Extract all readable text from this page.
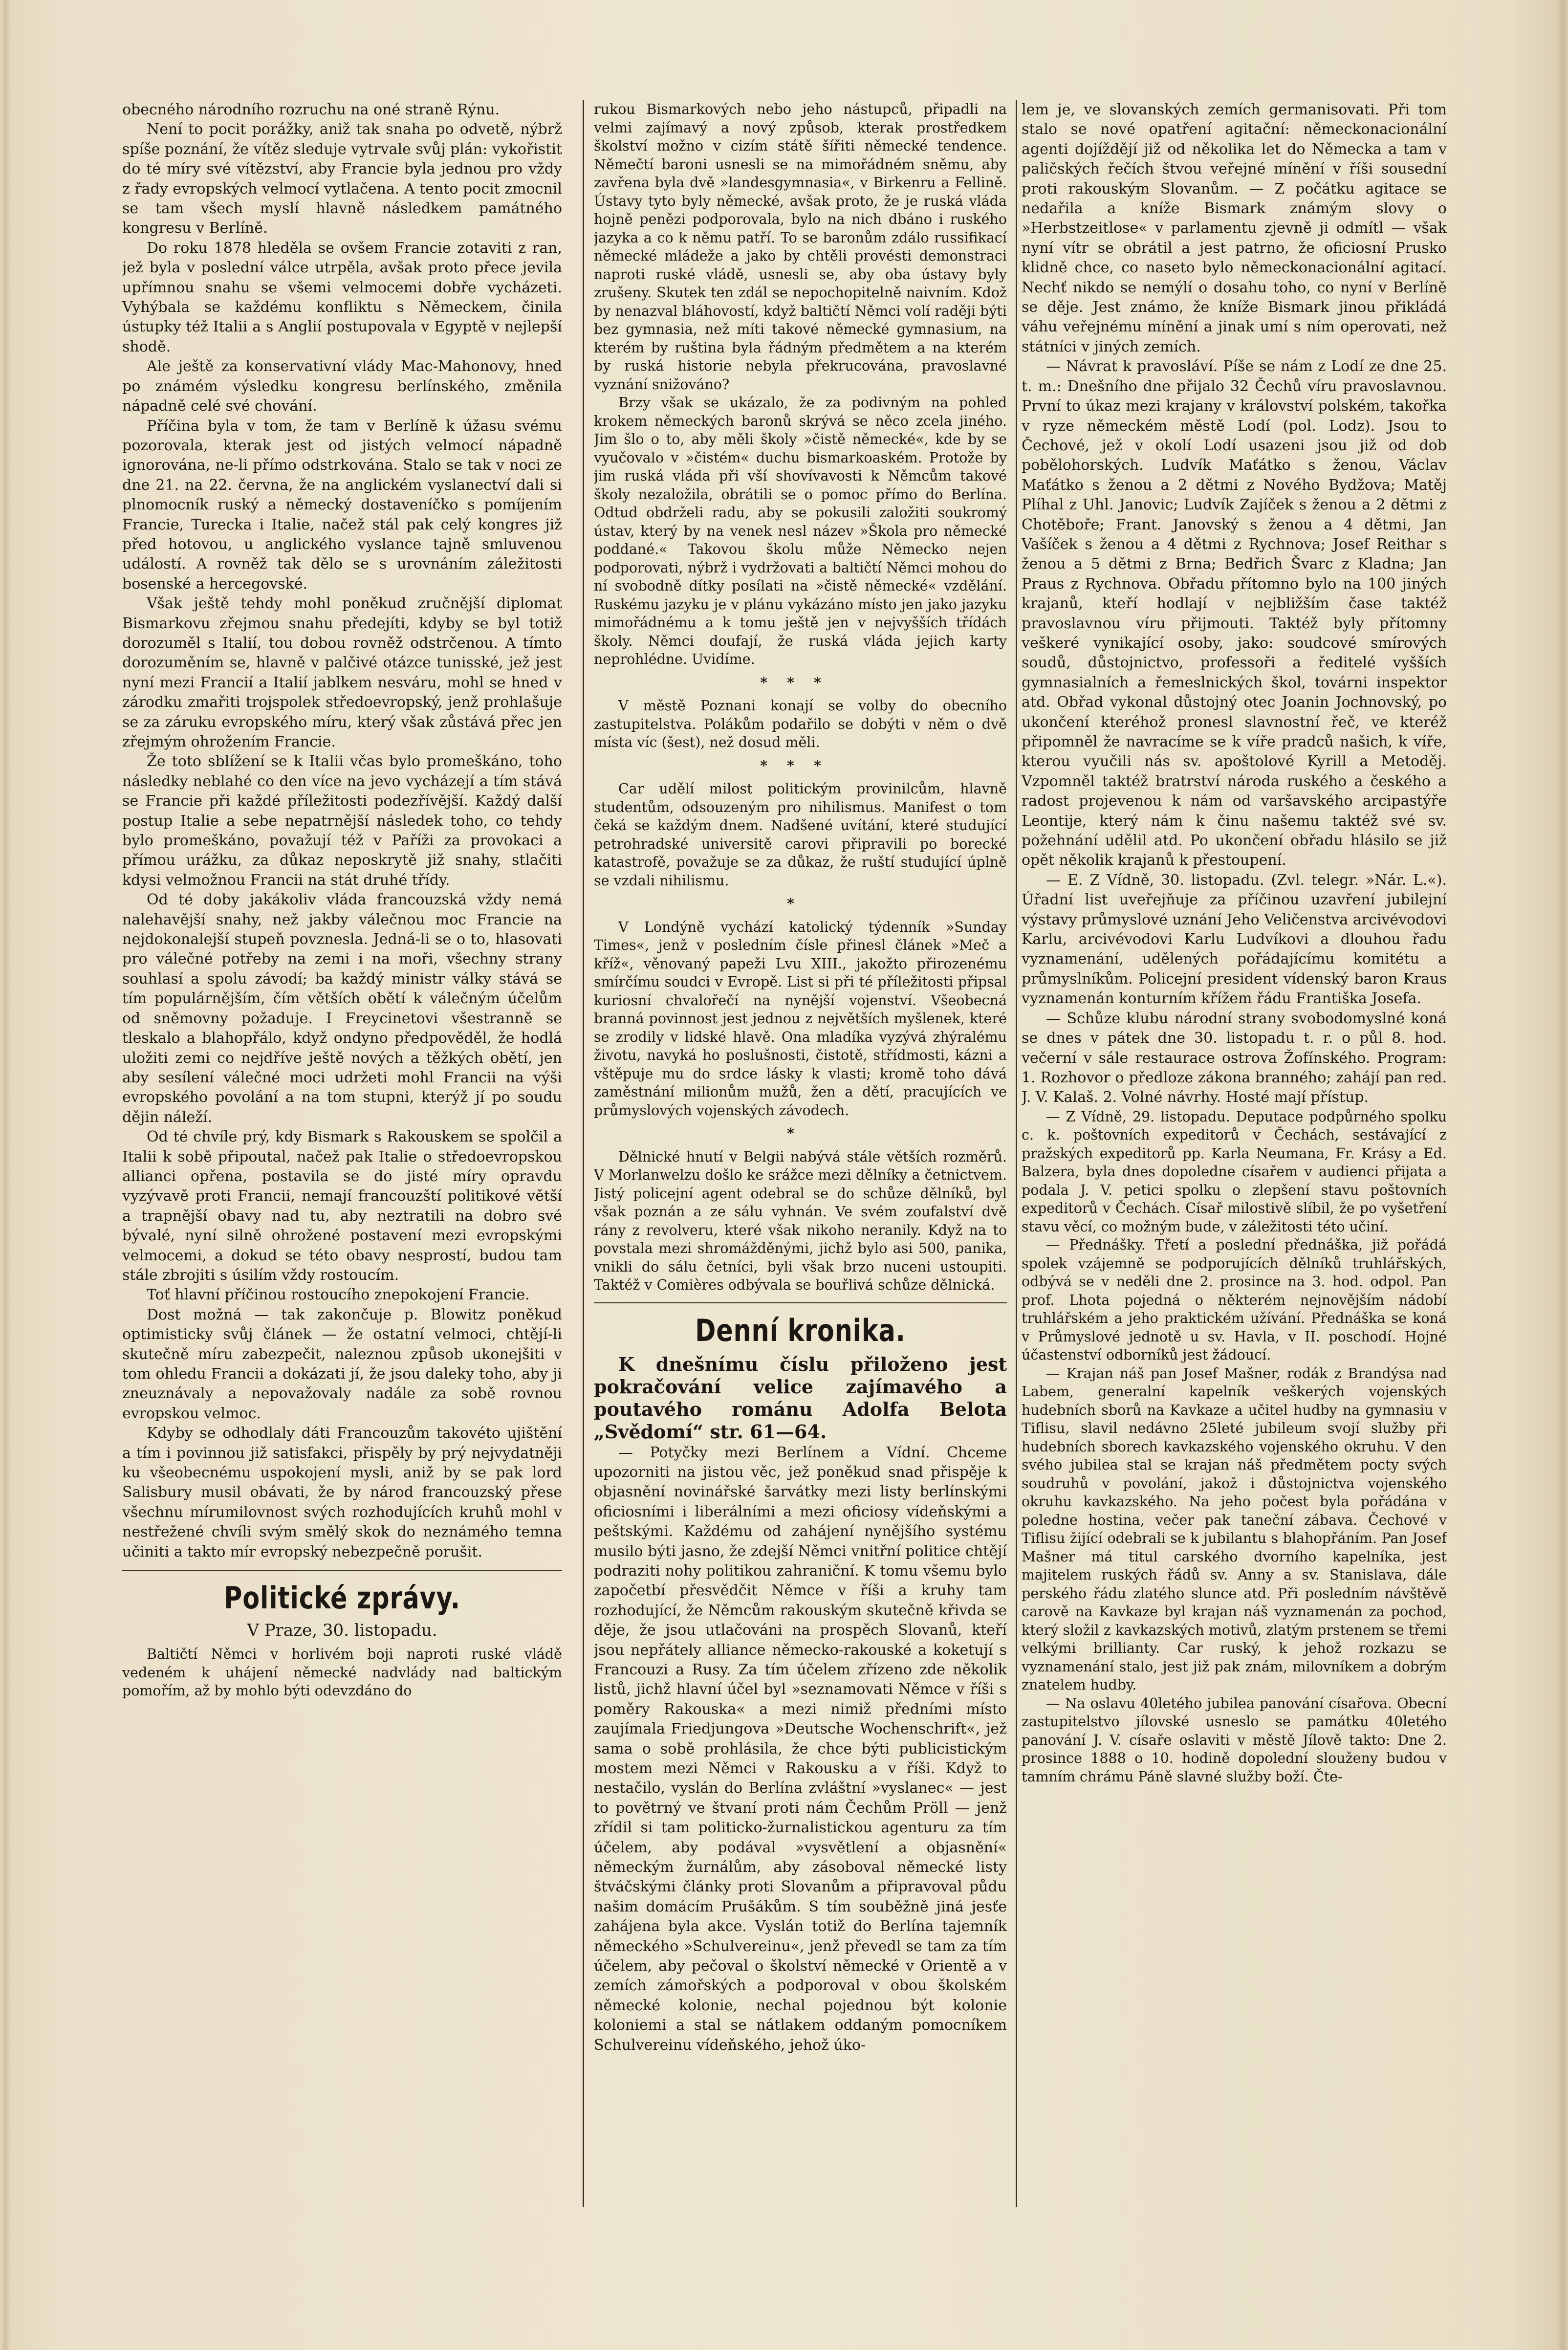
obecného národního rozruchu na oné straně Rýnu.

Není to pocit porážky, aniž tak snaha po odvetě, nýbrž spíše poznání, že vítěz sleduje vytrvale svůj plán: vykořistit do té míry své vítězství, aby Francie byla jednou pro vždy z řady evropských velmocí vytlačena. A tento pocit zmocnil se tam všech myslí hlavně následkem památného kongresu v Berlíně.

Do roku 1878 hleděla se ovšem Francie zotaviti z ran, jež byla v poslední válce utrpěla, avšak proto přece jevila upřímnou snahu se všemi velmocemi dobře vycházeti. Vyhýbala se každému konfliktu s Německem, činila ústupky též Italii a s Anglií postupovala v Egyptě v nejlepší shodě.

Ale ještě za konservativní vlády Mac-Mahonovy, hned po známém výsledku kongresu berlínského, změnila nápadně celé své chování.

Příčina byla v tom, že tam v Berlíně k úžasu svému pozorovala, kterak jest od jistých velmocí nápadně ignorována, ne-li přímo odstrkována. Stalo se tak v noci ze dne 21. na 22. června, že na anglickém vyslanectví dali si plnomocník ruský a německý dostaveníčko s pomíjením Francie, Turecka i Italie, načež stál pak celý kongres již před hotovou, u anglického vyslance tajně smluvenou událostí. A rovněž tak dělo se s urovnáním záležitosti bosenské a hercegovské.

Však ještě tehdy mohl poněkud zručnější diplomat Bismarkovu zřejmou snahu předejíti, kdyby se byl totiž dorozuměl s Italií, tou dobou rovněž odstrčenou. A tímto dorozuměním se, hlavně v palčivé otázce tunisské, jež jest nyní mezi Francií a Italií jablkem nesváru, mohl se hned v zárodku zmařiti trojspolek středoevropský, jenž prohlašuje se za záruku evropského míru, který však zůstává přec jen zřejmým ohrožením Francie.

Že toto sblížení se k Italii včas bylo promeškáno, toho následky neblahé co den více na jevo vycházejí a tím stává se Francie při každé příležitosti podezřívější. Každý další postup Italie a sebe nepatrnější následek toho, co tehdy bylo promeškáno, považují též v Paříži za provokaci a přímou urážku, za důkaz neposkrytě již snahy, stlačiti kdysi velmožnou Francii na stát druhé třídy.

Od té doby jakákoliv vláda francouzská vždy nemá nalehavější snahy, než jakby válečnou moc Francie na nejdokonalejší stupeň povznesla. Jedná-li se o to, hlasovati pro válečné potřeby na zemi i na moři, všechny strany souhlasí a spolu závodí; ba každý ministr války stává se tím populárnějším, čím větších obětí k válečným účelům od sněmovny požaduje. I Freycinetovi všestranně se tleskalo a blahopřálo, když ondyno předpověděl, že hodlá uložiti zemi co nejdříve ještě nových a těžkých obětí, jen aby sesílení válečné moci udržeti mohl Francii na výši evropského povolání a na tom stupni, kterýž jí po soudu dějin náleží.

Od té chvíle prý, kdy Bismark s Rakouskem se spolčil a Italii k sobě připoutal, načež pak Italie o středoevropskou allianci opřena, postavila se do jisté míry opravdu vyzývavě proti Francii, nemají francouzští politikové větší a trapnější obavy nad tu, aby neztratili na dobro své bývalé, nyní silně ohrožené postavení mezi evropskými velmocemi, a dokud se této obavy nesprostí, budou tam stále zbrojiti s úsilím vždy rostoucím.

Toť hlavní příčinou rostoucího znepokojení Francie.

Dost možná — tak zakončuje p. Blowitz poněkud optimisticky svůj článek — že ostatní velmoci, chtějí-li skutečně míru zabezpečit, naleznou způsob ukonejšiti v tom ohledu Francii a dokázati jí, že jsou daleky toho, aby ji zneuznávaly a nepovažovaly nadále za sobě rovnou evropskou velmoc.

Kdyby se odhodlaly dáti Francouzům takovéto ujištění a tím i povinnou již satisfakci, přispěly by prý nejvydatněji ku všeobecnému uspokojení mysli, aniž by se pak lord Salisbury musil obávati, že by národ francouzský přese všechnu mírumilovnost svých rozhodujících kruhů mohl v nestřežené chvíli svým smělý skok do neznámého temna učiniti a takto mír evropský nebezpečně porušit.

Politické zprávy.
V Praze, 30. listopadu.

Baltičtí Němci v horlivém boji naproti ruské vládě vedeném k uhájení německé nadvlády nad baltickým pomořím, až by mohlo býti odevzdáno do

rukou Bismarkových nebo jeho nástupců, připadli na velmi zajímavý a nový způsob, kterak prostředkem školství možno v cizím státě šířiti německé tendence. Němečtí baroni usnesli se na mimořádném sněmu, aby zavřena byla dvě »landesgymnasia«, v Birkenru a Fellině. Ústavy tyto byly německé, avšak proto, že je ruská vláda hojně penězi podporovala, bylo na nich dbáno i ruského jazyka a co k němu patří. To se baronům zdálo russifikací německé mládeže a jako by chtěli provésti demonstraci naproti ruské vládě, usnesli se, aby oba ústavy byly zrušeny. Skutek ten zdál se nepochopitelně naivním. Kdož by nenazval bláhovostí, když baltičtí Němci volí raději býti bez gymnasia, než míti takové německé gymnasium, na kterém by ruština byla řádným předmětem a na kterém by ruská historie nebyla překrucována, pravoslavné vyznání snižováno?

Brzy však se ukázalo, že za podivným na pohled krokem německých baronů skrývá se něco zcela jiného. Jim šlo o to, aby měli školy »čistě německé«, kde by se vyučovalo v »čistém« duchu bismarkoaském. Protože by jim ruská vláda při vší shovívavosti k Němcům takové školy nezaložila, obrátili se o pomoc přímo do Berlína. Odtud obdrželi radu, aby se pokusili založiti soukromý ústav, který by na venek nesl název »Škola pro německé poddané.« Takovou školu může Německo nejen podporovati, nýbrž i vydržovati a baltičtí Němci mohou do ní svobodně dítky posílati na »čistě německé« vzdělání. Ruskému jazyku je v plánu vykázáno místo jen jako jazyku mimořádnému a k tomu ještě jen v nejvyšších třídách školy. Němci doufají, že ruská vláda jejich karty neprohlédne. Uvidíme.

***

V městě Poznani konají se volby do obecního zastupitelstva. Polákům podařilo se dobýti v něm o dvě místa víc (šest), než dosud měli.

***

Car udělí milost politickým provinilcům, hlavně studentům, odsouzeným pro nihilismus. Manifest o tom čeká se každým dnem. Nadšené uvítání, které studující petrohradské universitě carovi připravili po borecké katastrofě, považuje se za důkaz, že ruští studující úplně se vzdali nihilismu.

*

V Londýně vychází katolický týdenník »Sunday Times«, jenž v posledním čísle přinesl článek »Meč a kříž«, věnovaný papeži Lvu XIII., jakožto přirozenému smírčímu soudci v Evropě. List si při té příležitosti připsal kuriosní chvalořečí na nynější vojenství. Všeobecná branná povinnost jest jednou z největších myšlenek, které se zrodily v lidské hlavě. Ona mladíka vyzývá zhýralému životu, navyká ho poslušnosti, čistotě, střídmosti, kázni a vštěpuje mu do srdce lásky k vlasti; kromě toho dává zaměstnání milionům mužů, žen a dětí, pracujících ve průmyslových vojenských závodech.

*

Dělnické hnutí v Belgii nabývá stále větších rozměrů. V Morlanwelzu došlo ke srážce mezi dělníky a četnictvem. Jistý policejní agent odebral se do schůze dělníků, byl však poznán a ze sálu vyhnán. Ve svém zoufalství dvě rány z revolveru, které však nikoho neranily. Když na to povstala mezi shromážděnými, jichž bylo asi 500, panika, vnikli do sálu četníci, byli však brzo nuceni ustoupiti. Taktéž v Comières odbývala se bouřlivá schůze dělnická.

Denní kronika.

K dnešnímu číslu přiloženo jest pokračování velice zajímavého a poutavého románu Adolfa Belota „Svědomí“ str. 61—64.

— Potyčky mezi Berlínem a Vídní. Chceme upozorniti na jistou věc, jež poněkud snad přispěje k objasnění novinářské šarvátky mezi listy berlínskými oficiosními i liberálními a mezi oficiosy vídeňskými a peštskými. Každému od zahájení nynějšího systému musilo býti jasno, že zdejší Němci vnitřní politice chtějí podraziti nohy politikou zahraniční. K tomu všemu bylo započetbí přesvědčit Němce v říši a kruhy tam rozhodující, že Němcům rakouským skutečně křivda se děje, že jsou utlačováni na prospěch Slovanů, kteří jsou nepřátely alliance německo-rakouské a koketují s Francouzi a Rusy. Za tím účelem zřízeno zde několik listů, jichž hlavní účel byl »seznamovati Němce v říši s poměry Rakouska« a mezi nimiž předními místo zaujímala Friedjungova »Deutsche Wochenschrift«, jež sama o sobě prohlásila, že chce býti publicistickým mostem mezi Němci v Rakousku a v říši. Když to nestačilo, vyslán do Berlína zvláštní »vyslanec« — jest to povětrný ve štvaní proti nám Čechům Pröll — jenž zřídil si tam politicko-žurnalistickou agenturu za tím účelem, aby podával »vysvětlení a objasnění« německým žurnálům, aby zásoboval německé listy štváčskými články proti Slovanům a připravoval půdu našim domácím Prušákům. S tím souběžně jiná jesťe zahájena byla akce. Vyslán totiž do Berlína tajemník německého »Schulvereinu«, jenž převedl se tam za tím účelem, aby pečoval o školství německé v Orientě a v zemích zámořských a podporoval v obou školském německé kolonie, nechal pojednou být kolonie koloniemi a stal se nátlakem oddaným pomocníkem Schulvereinu vídeňského, jehož úko-

lem je, ve slovanských zemích germanisovati. Při tom stalo se nové opatření agitační: německonacionální agenti dojíždějí již od několika let do Německa a tam v paličských řečích štvou veřejné mínění v říši sousední proti rakouským Slovanům. — Z počátku agitace se nedařila a kníže Bismark známým slovy o »Herbstzeitlose« v parlamentu zjevně ji odmítl — však nyní vítr se obrátil a jest patrno, že oficiosní Prusko klidně chce, co naseto bylo německonacionální agitací. Nechť nikdo se nemýlí o dosahu toho, co nyní v Berlíně se děje. Jest známo, že kníže Bismark jinou přikládá váhu veřejnému mínění a jinak umí s ním operovati, než státníci v jiných zemích.

— Návrat k pravosláví. Píše se nám z Lodí ze dne 25. t. m.: Dnešního dne přijalo 32 Čechů víru pravoslavnou. První to úkaz mezi krajany v království polském, takořka v ryze německém městě Lodí (pol. Lodz). Jsou to Čechové, jež v okolí Lodí usazeni jsou již od dob pobělohorských. Ludvík Maťátko s ženou, Václav Maťátko s ženou a 2 dětmi z Nového Bydžova; Matěj Plíhal z Uhl. Janovic; Ludvík Zajíček s ženou a 2 dětmi z Chotěboře; Frant. Janovský s ženou a 4 dětmi, Jan Vašíček s ženou a 4 dětmi z Rychnova; Josef Reithar s ženou a 5 dětmi z Brna; Bedřich Švarc z Kladna; Jan Praus z Rychnova. Obřadu přítomno bylo na 100 jiných krajanů, kteří hodlají v nejbližším čase taktéž pravoslavnou víru přijmouti. Taktéž byly přítomny veškeré vynikající osoby, jako: soudcové smírových soudů, důstojnictvo, professoři a ředitelé vyšších gymnasialních a řemeslnických škol, továrni inspektor atd. Obřad vykonal důstojný otec Joanin Jochnovský, po ukončení kteréhož pronesl slavnostní řeč, ve kteréž připomněl že navracíme se k víře pradců našich, k víře, kterou vyučili nás sv. apoštolové Kyrill a Metoděj. Vzpomněl taktéž bratrství národa ruského a českého a radost projevenou k nám od varšavského arcipastýře Leontije, který nám k činu našemu taktéž své sv. požehnání udělil atd. Po ukončení obřadu hlásilo se již opět několik krajanů k přestoupení.

— E. Z Vídně, 30. listopadu. (Zvl. telegr. »Nár. L.«). Úřadní list uveřejňuje za příčinou uzavření jubilejní výstavy průmyslové uznání Jeho Veličenstva arcivévodovi Karlu, arcivévodovi Karlu Ludvíkovi a dlouhou řadu vyznamenání, udělených pořádajícímu komitétu a průmyslníkům. Policejní president vídenský baron Kraus vyznamenán konturním křížem řádu Františka Josefa.

— Schůze klubu národní strany svobodomyslné koná se dnes v pátek dne 30. listopadu t. r. o půl 8. hod. večerní v sále restaurace ostrova Žofínského. Program: 1. Rozhovor o předloze zákona branného; zahájí pan red. J. V. Kalaš. 2. Volné návrhy. Hosté mají přístup.

— Z Vídně, 29. listopadu. Deputace podpůrného spolku c. k. poštovních expeditorů v Čechách, sestávající z pražských expeditorů pp. Karla Neumana, Fr. Krásy a Ed. Balzera, byla dnes dopoledne císařem v audienci přijata a podala J. V. petici spolku o zlepšení stavu poštovních expeditorů v Čechách. Císař milostivě slíbil, že po vyšetření stavu věcí, co možným bude, v záležitosti této učiní.

— Přednášky. Třetí a poslední přednáška, již pořádá spolek vzájemně se podporujících dělníků truhlářských, odbývá se v neděli dne 2. prosince na 3. hod. odpol. Pan prof. Lhota pojedná o některém nejnovějším nádobí truhlářském a jeho praktickém užívání. Přednáška se koná v Průmyslové jednotě u sv. Havla, v II. poschodí. Hojné účastenství odborníků jest žádoucí.

— Krajan náš pan Josef Mašner, rodák z Brandýsa nad Labem, generalní kapelník veškerých vojenských hudebních sborů na Kavkaze a učitel hudby na gymnasiu v Tiflisu, slavil nedávno 25leté jubileum svojí služby při hudebních sborech kavkazského vojenského okruhu. V den svého jubilea stal se krajan náš předmětem pocty svých soudruhů v povolání, jakož i důstojnictva vojenského okruhu kavkazského. Na jeho počest byla pořádána v poledne hostina, večer pak taneční zábava. Čechové v Tiflisu žijící odebrali se k jubilantu s blahopřáním. Pan Josef Mašner má titul carského dvorního kapelníka, jest majitelem ruských řádů sv. Anny a sv. Stanislava, dále perského řádu zlatého slunce atd. Při posledním návštěvě carově na Kavkaze byl krajan náš vyznamenán za pochod, který složil z kavkazských motivů, zlatým prstenem se třemi velkými brillianty. Car ruský, k jehož rozkazu se vyznamenání stalo, jest již pak znám, milovníkem a dobrým znatelem hudby.

— Na oslavu 40letého jubilea panování císařova. Obecní zastupitelstvo jílovské usneslo se památku 40letého panování J. V. císaře oslaviti v městě Jílově takto: Dne 2. prosince 1888 o 10. hodině dopolední slouženy budou v tamním chrámu Páně slavné služby boží. Čte-
